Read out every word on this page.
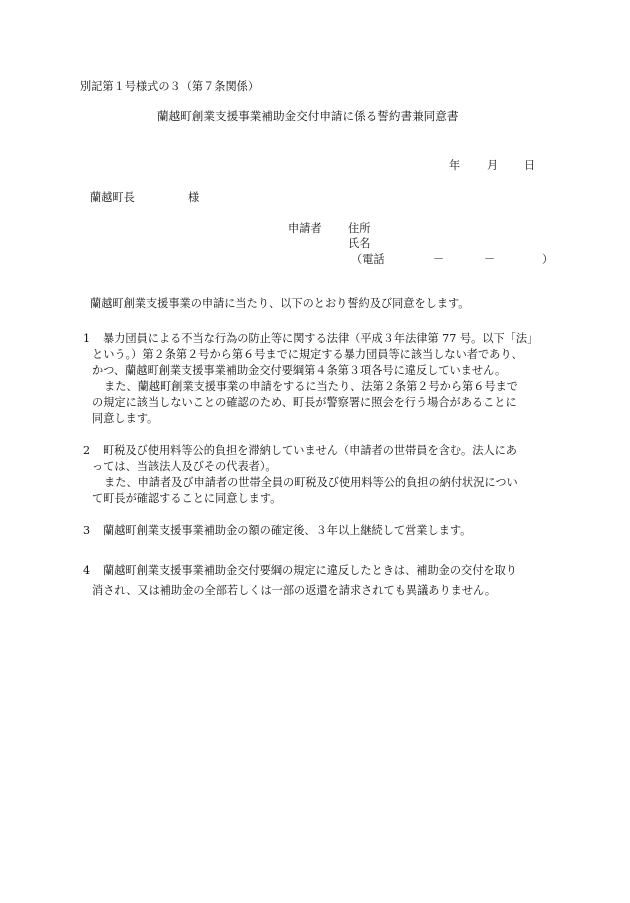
別記第１号様式の３（第７条関係）
蘭越町創業支援事業補助金交付申請に係る誓約書兼同意書
年 月 日
蘭越町長	様
申請者 住所
氏名
（電話	－	－	）
蘭越町創業支援事業の申請に当たり、以下のとおり誓約及び同意をします。
1 暴力団員による不当な行為の防止等に関する法律（平成３年法律第 77 号。以下「法」
という。）第２条第２号から第６号までに規定する暴力団員等に該当しない者であり、
かつ、蘭越町創業支援事業補助金交付要綱第４条第３項各号に違反していません。
また、蘭越町創業支援事業の申請をするに当たり、法第２条第２号から第６号まで
の規定に該当しないことの確認のため、町長が警察署に照会を行う場合があることに
同意します。
2 町税及び使用料等公的負担を滞納していません（申請者の世帯員を含む。法人にあ
っては、当該法人及びその代表者）。
また、申請者及び申請者の世帯全員の町税及び使用料等公的負担の納付状況につい
て町長が確認することに同意します。
3 蘭越町創業支援事業補助金の額の確定後、３年以上継続して営業します。
4 蘭越町創業支援事業補助金交付要綱の規定に違反したときは、補助金の交付を取り
消され、又は補助金の全部若しくは一部の返還を請求されても異議ありません。
